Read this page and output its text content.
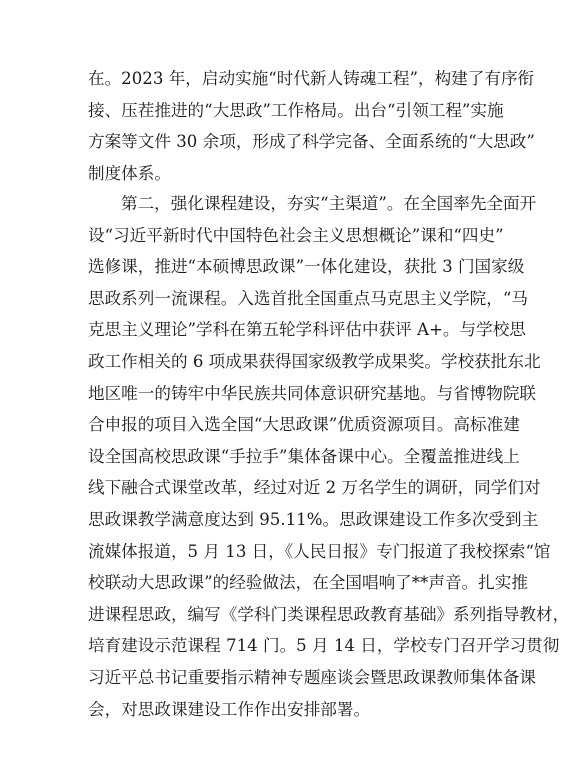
在。2023 年，启动实施“时代新人铸魂工程”，构建了有序衔
接、压茬推进的“大思政”工作格局。出台“引领工程”实施
方案等文件 30 余项，形成了科学完备、全面系统的“大思政”
制度体系。
第二，强化课程建设，夯实“主渠道”。在全国率先全面开
设“习近平新时代中国特色社会主义思想概论”课和“四史”
选修课，推进“本硕博思政课”一体化建设，获批 3 门国家级
思政系列一流课程。入选首批全国重点马克思主义学院，“马
克思主义理论”学科在第五轮学科评估中获评 A+。与学校思
政工作相关的 6 项成果获得国家级教学成果奖。学校获批东北
地区唯一的铸牢中华民族共同体意识研究基地。与省博物院联
合申报的项目入选全国“大思政课”优质资源项目。高标准建
设全国高校思政课“手拉手”集体备课中心。全覆盖推进线上
线下融合式课堂改革，经过对近 2 万名学生的调研，同学们对
思政课教学满意度达到 95.11%。思政课建设工作多次受到主
流媒体报道，5 月 13 日，《人民日报》专门报道了我校探索“馆
校联动大思政课”的经验做法，在全国唱响了**声音。扎实推
进课程思政，编写《学科门类课程思政教育基础》系列指导教材，
培育建设示范课程 714 门。5 月 14 日，学校专门召开学习贯彻
习近平总书记重要指示精神专题座谈会暨思政课教师集体备课
会，对思政课建设工作作出安排部署。
